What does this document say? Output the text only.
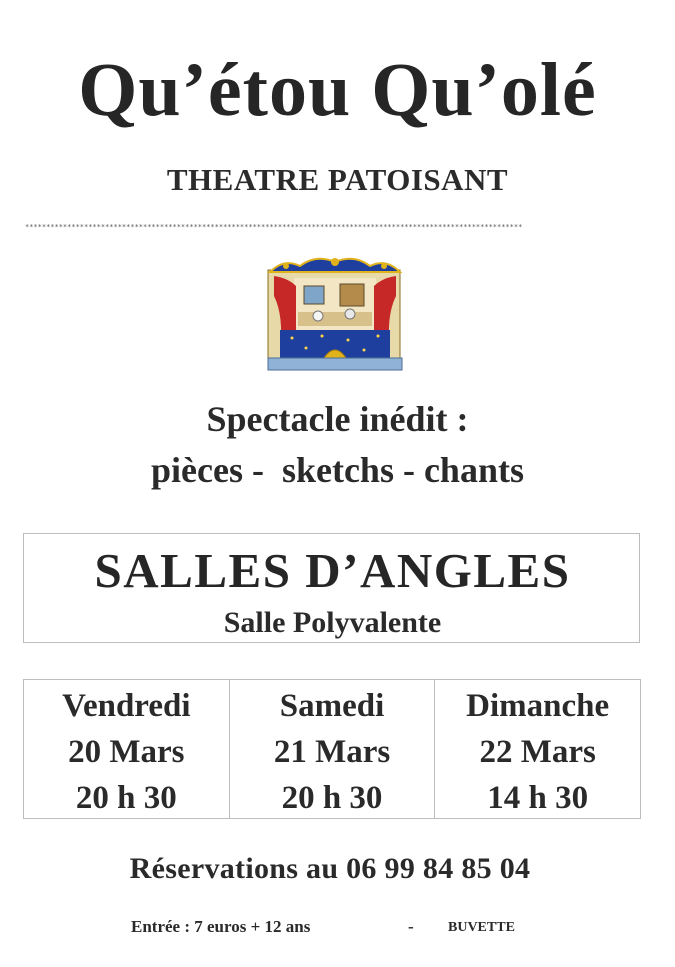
Qu’étou Qu’olé
THEATRE PATOISANT
**********************************************************************************************************************
Spectacle inédit :
pièces -  sketchs - chants
SALLES D’ANGLES
Salle Polyvalente
Vendredi
20 Mars
20 h 30
Samedi
21 Mars
20 h 30
Dimanche
22 Mars
14 h 30
Réservations au 06 99 84 85 04
Entrée : 7 euros + 12 ans	- BUVETTE
